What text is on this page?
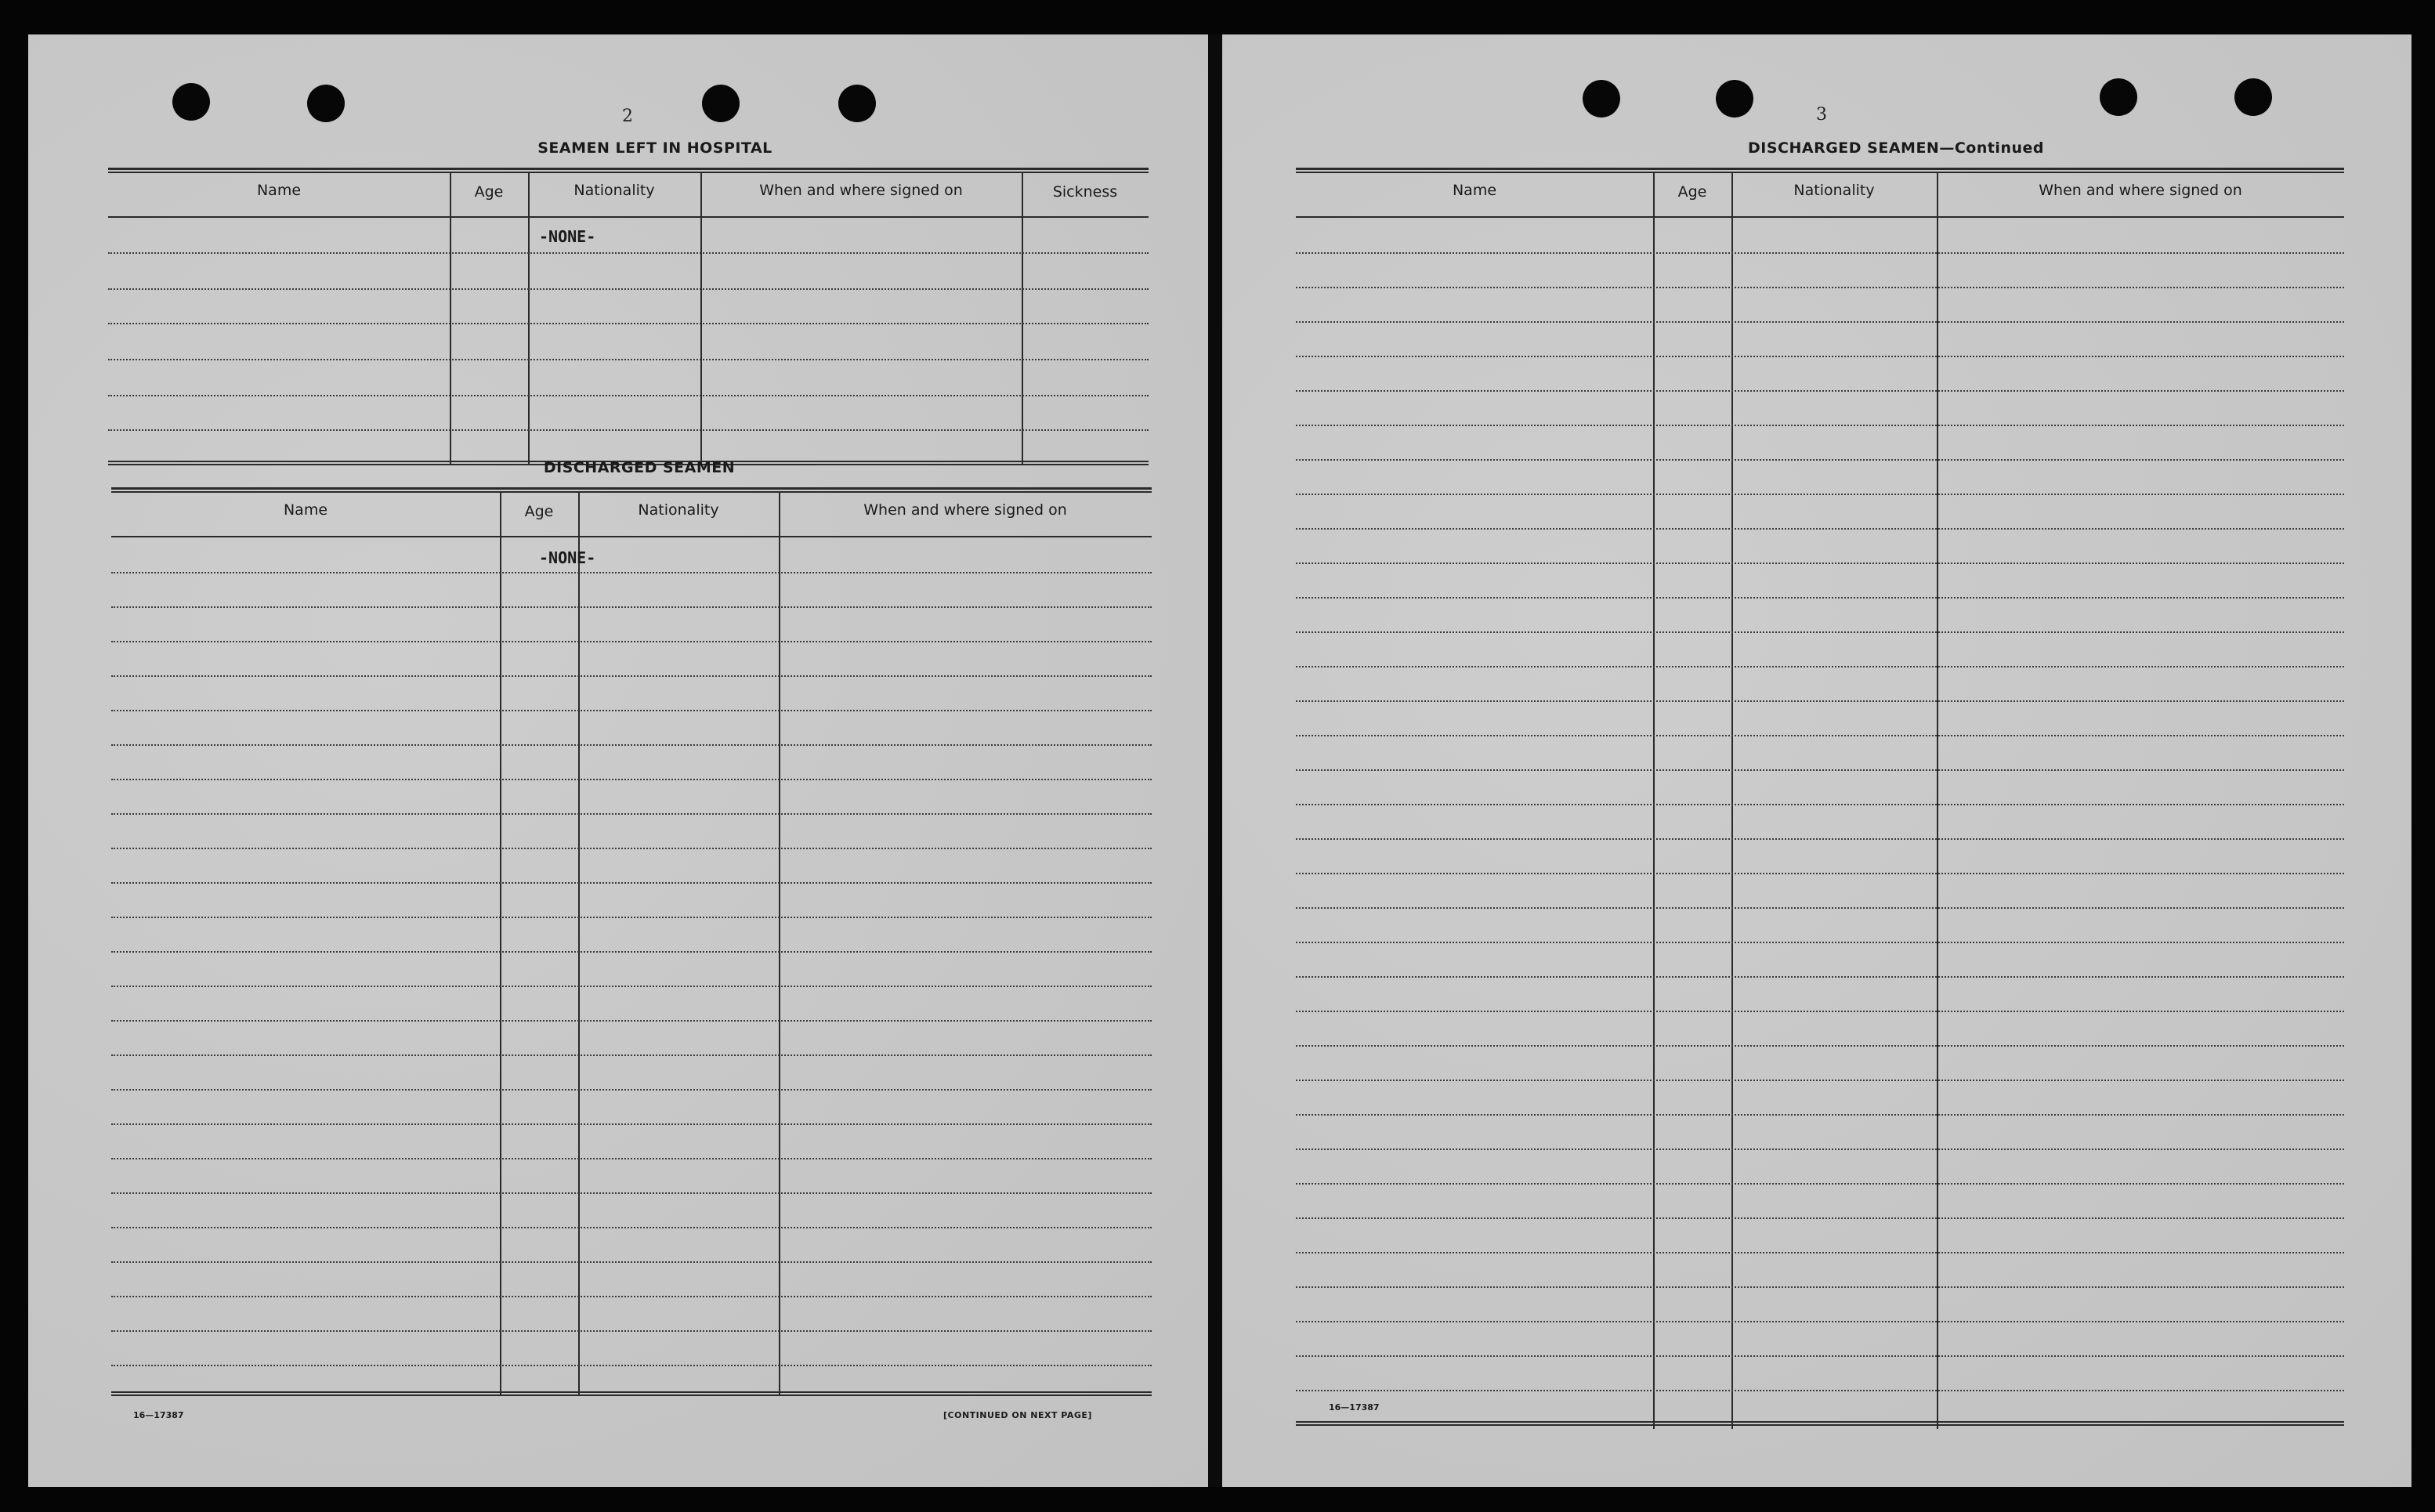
2
SEAMEN LEFT IN HOSPITAL
Name	Age	Nationality	When and where signed on	Sickness
-NONE-
DISCHARGED SEAMEN
Name	Age	Nationality	When and where signed on
-NONE-
16—17387	[CONTINUED ON NEXT PAGE]
3
DISCHARGED SEAMEN—Continued
Name	Age	Nationality	When and where signed on
16—17387
